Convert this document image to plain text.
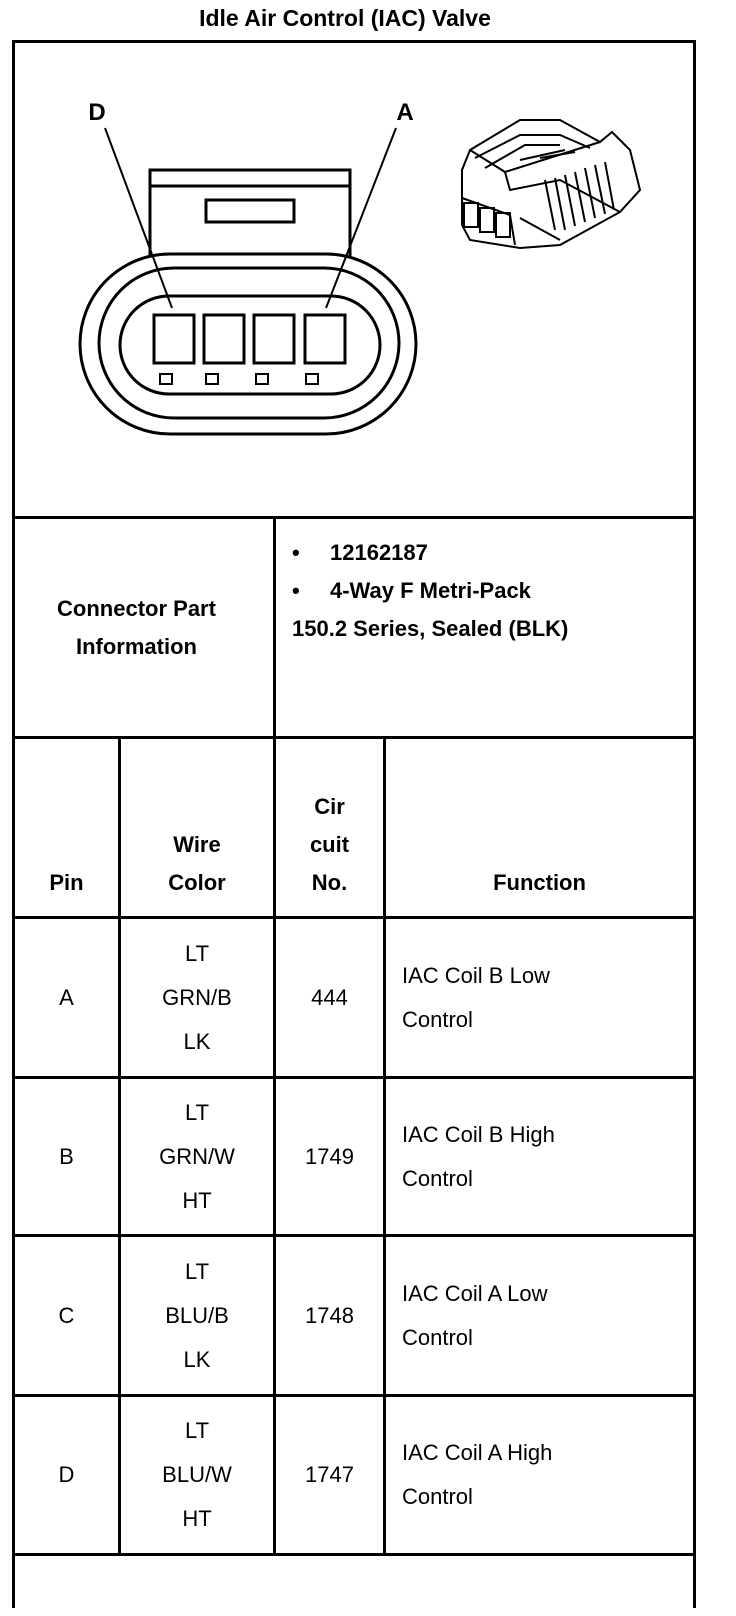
Idle Air Control (IAC) Valve
D	A
Connector Part
Information
• 12162187
• 4-Way F Metri-Pack
150.2 Series, Sealed (BLK)
Pin
Wire
Color
Cir
cuit
No.	Function
A
LT
GRN/B
LK
444
IAC Coil B Low
Control
B
LT
GRN/W
HT
1749
IAC Coil B High
Control
C
LT
BLU/B
LK
1748
IAC Coil A Low
Control
D
LT
BLU/W
HT
1747
IAC Coil A High
Control
